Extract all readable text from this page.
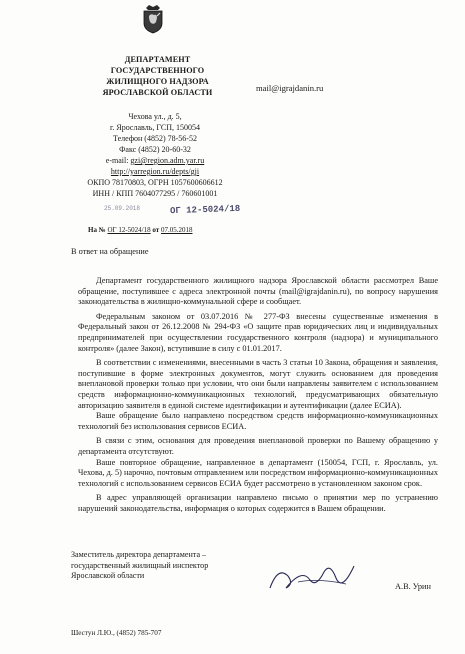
ДЕПАРТАМЕНТ
ГОСУДАРСТВЕННОГО
ЖИЛИЩНОГО НАДЗОРА
ЯРОСЛАВСКОЙ ОБЛАСТИ	mail@igrajdanin.ru
Чехова ул., д. 5,
г. Ярославль, ГСП, 150054
Телефон (4852) 78-56-52
Факс (4852) 20-60-32
e-mail: gzi@region.adm.yar.ru
http://yarregion.ru/depts/gji
ОКПО 78170803, ОГРН 1057600606612
ИНН / КПП 7604077295 / 760601001
25.09.2018	ОГ 12-5024/18
На № ОГ 12-5024/18 от 07.05.2018
В ответ на обращение

Департамент государственного жилищного надзора Ярославской области рассмотрел Ваше обращение, поступившее с адреса электронной почты (mail@igrajdanin.ru), по вопросу нарушения законодательства в жилищно-коммунальной сфере и сообщает.

Федеральным законом от 03.07.2016 № 277-ФЗ внесены существенные изменения в Федеральный закон от 26.12.2008 № 294-ФЗ «О защите прав юридических лиц и индивидуальных предпринимателей при осуществлении государственного контроля (надзора) и муниципального контроля» (далее Закон), вступившие в силу с 01.01.2017.

В соответствии с изменениями, внесенными в часть 3 статьи 10 Закона, обращения и заявления, поступившие в форме электронных документов, могут служить основанием для проведения внеплановой проверки только при условии, что они были направлены заявителем с использованием средств информационно-коммуникационных технологий, предусматривающих обязательную авторизацию заявителя в единой системе идентификации и аутентификации (далее ЕСИА).

Ваше обращение было направлено посредством средств информационно-коммуникационных технологий без использования сервисов ЕСИА.

В связи с этим, основания для проведения внеплановой проверки по Вашему обращению у департамента отсутствуют.

Ваше повторное обращение, направленное в департамент (150054, ГСП, г. Ярославль, ул. Чехова, д. 5) нарочно, почтовым отправлением или посредством информационно-коммуникационных технологий с использованием сервисов ЕСИА будет рассмотрено в установленном законом срок.

В адрес управляющей организации направлено письмо о принятии мер по устранению нарушений законодательства, информация о которых содержится в Вашем обращении.

Заместитель директора департамента –
государственный жилищный инспектор
Ярославской области
А.В. Урин
Шестун Л.Ю., (4852) 785-707
